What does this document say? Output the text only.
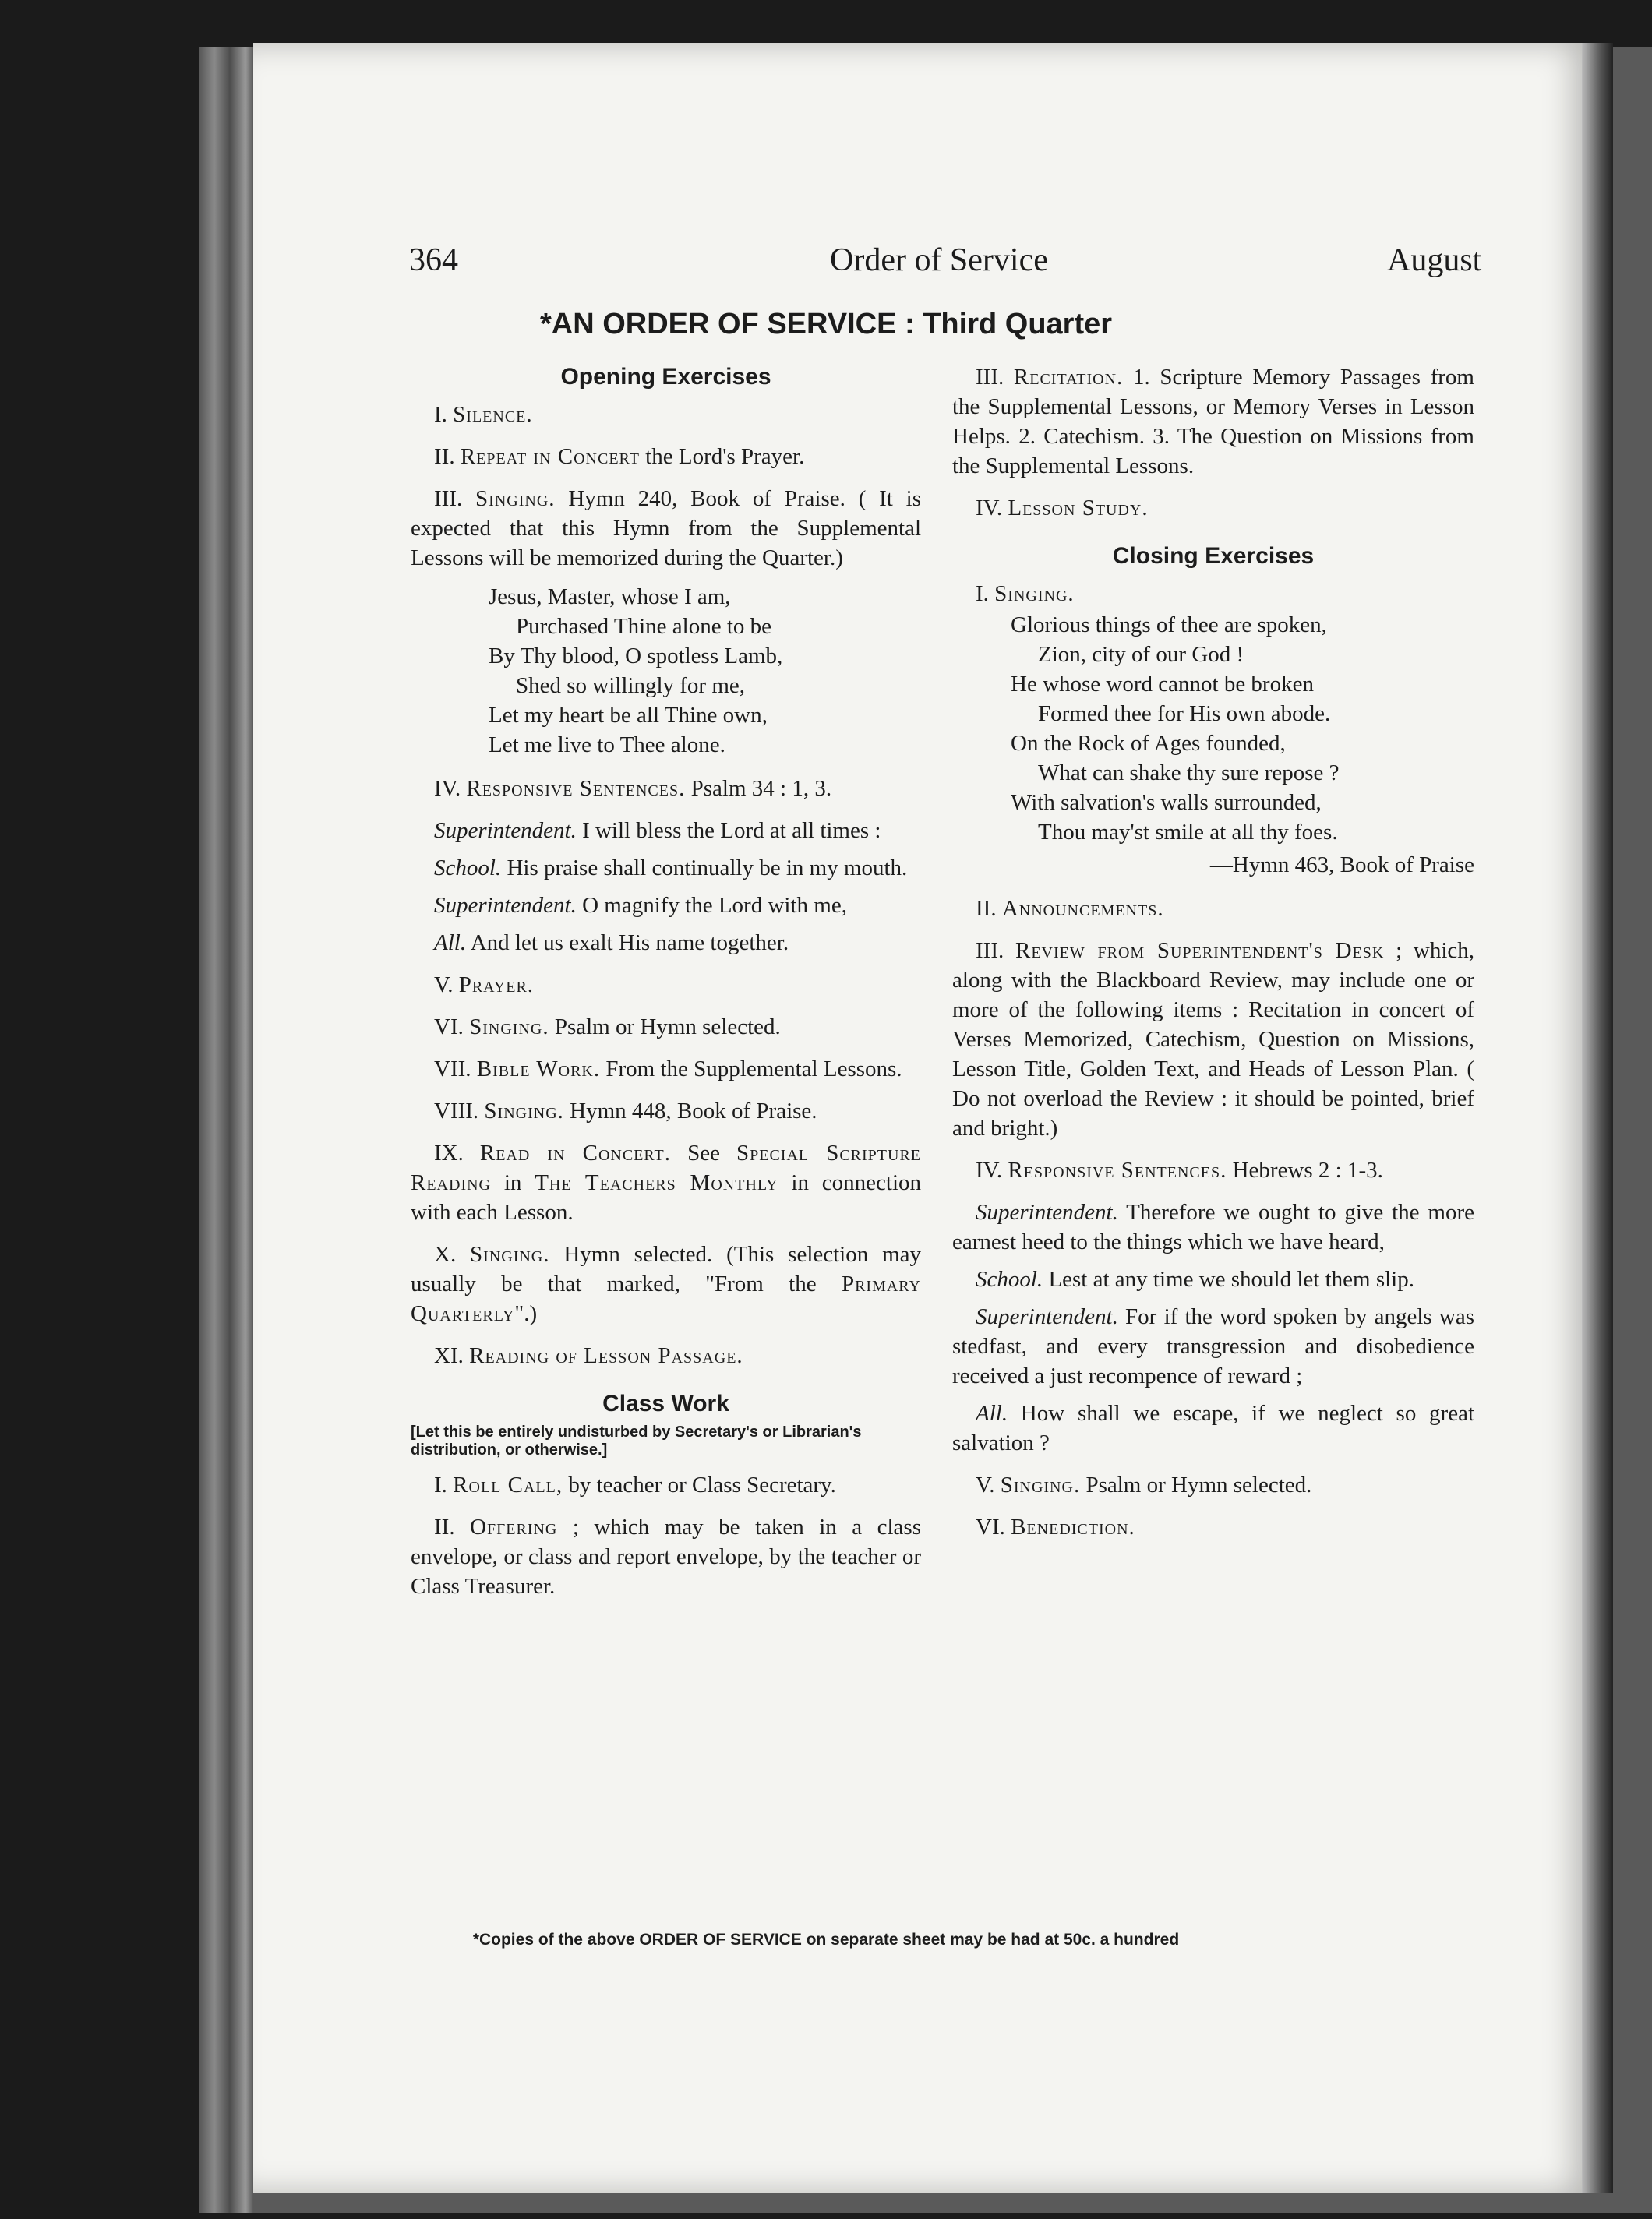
364	Order of Service	August
*AN ORDER OF SERVICE : Third Quarter
Opening Exercises

I. Silence.

II. Repeat in Concert the Lord's Prayer.

III. Singing. Hymn 240, Book of Praise. ( It is expected that this Hymn from the Supplemental Lessons will be memorized during the Quarter.)

Jesus, Master, whose I am,
Purchased Thine alone to be
By Thy blood, O spotless Lamb,
Shed so willingly for me,
Let my heart be all Thine own,
Let me live to Thee alone.

IV. Responsive Sentences. Psalm 34 : 1, 3.

Superintendent. I will bless the Lord at all times :

School. His praise shall continually be in my mouth.

Superintendent. O magnify the Lord with me,

All. And let us exalt His name together.

V. Prayer.

VI. Singing. Psalm or Hymn selected.

VII. Bible Work. From the Supplemental Lessons.

VIII. Singing. Hymn 448, Book of Praise.

IX. Read in Concert. See Special Scripture Reading in The Teachers Monthly in connection with each Lesson.

X. Singing. Hymn selected. (This selection may usually be that marked, "From the Primary Quarterly".)

XI. Reading of Lesson Passage.

Class Work
[Let this be entirely undisturbed by Secretary's or Librarian's distribution, or otherwise.]

I. Roll Call, by teacher or Class Secretary.

II. Offering ; which may be taken in a class envelope, or class and report envelope, by the teacher or Class Treasurer.

III. Recitation. 1. Scripture Memory Passages from the Supplemental Lessons, or Memory Verses in Lesson Helps. 2. Catechism. 3. The Question on Missions from the Supplemental Lessons.

IV. Lesson Study.

Closing Exercises

I. Singing.

Glorious things of thee are spoken,
Zion, city of our God !
He whose word cannot be broken
Formed thee for His own abode.
On the Rock of Ages founded,
What can shake thy sure repose ?
With salvation's walls surrounded,
Thou may'st smile at all thy foes.
—Hymn 463, Book of Praise

II. Announcements.

III. Review from Superintendent's Desk ; which, along with the Blackboard Review, may include one or more of the following items : Recitation in concert of Verses Memorized, Catechism, Question on Missions, Lesson Title, Golden Text, and Heads of Lesson Plan. ( Do not overload the Review : it should be pointed, brief and bright.)

IV. Responsive Sentences. Hebrews 2 : 1-3.

Superintendent. Therefore we ought to give the more earnest heed to the things which we have heard,

School. Lest at any time we should let them slip.

Superintendent. For if the word spoken by angels was stedfast, and every transgression and disobedience received a just recompence of reward ;

All. How shall we escape, if we neglect so great salvation ?

V. Singing. Psalm or Hymn selected.

VI. Benediction.

*Copies of the above ORDER OF SERVICE on separate sheet may be had at 50c. a hundred
